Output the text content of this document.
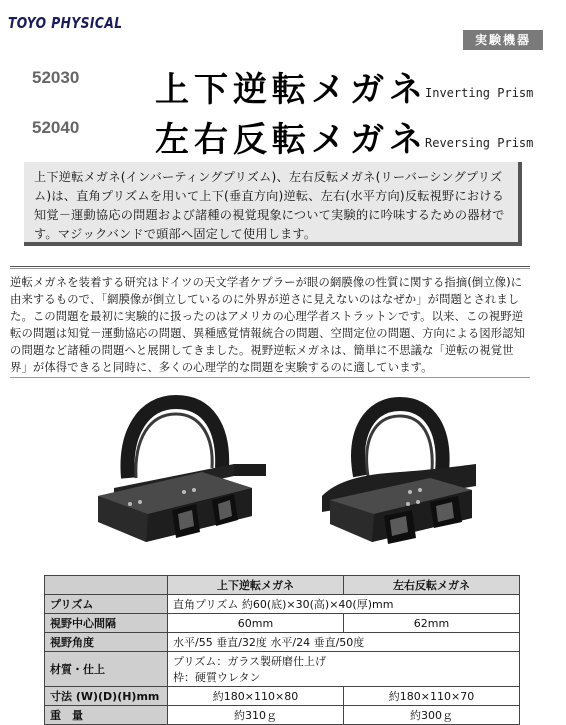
TOYO PHYSICAL
実験機器
52030 上下逆転メガネ
Inverting Prism
52040 左右反転メガネ
Reversing Prism

上下逆転メガネ(インバーティングプリズム)、左右反転メガネ(リーバーシングプリズム)は、直角プリズムを用いて上下(垂直方向)逆転、左右(水平方向)反転視野における知覚－運動協応の問題および諸種の視覚現象について実験的に吟味するための器材です。マジックバンドで頭部へ固定して使用します。

逆転メガネを装着する研究はドイツの天文学者ケプラーが眼の網膜像の性質に関する指摘(倒立像)に由来するもので、「網膜像が倒立しているのに外界が逆さに見えないのはなぜか」が問題とされました。この問題を最初に実験的に扱ったのはアメリカの心理学者ストラットンです。以来、この視野逆転の問題は知覚－運動協応の問題、異種感覚情報統合の問題、空間定位の問題、方向による図形認知の問題など諸種の問題へと展開してきました。視野逆転メガネは、簡単に不思議な「逆転の視覚世界」が体得できると同時に、多くの心理学的な問題を実験するのに適しています。

	上下逆転メガネ	左右反転メガネ
プリズム	直角プリズム 約60(底)×30(高)×40(厚)mm	
視野中心間隔	60mm	62mm
視野角度	水平/55 垂直/32度 水平/24 垂直/50度	
材質・仕上	プリズム：ガラス製研磨仕上げ
枠：硬質ウレタン	

寸法 (W)(D)(H)mm	約180×110×80	約180×110×70
重　量	約310ｇ	約300ｇ
